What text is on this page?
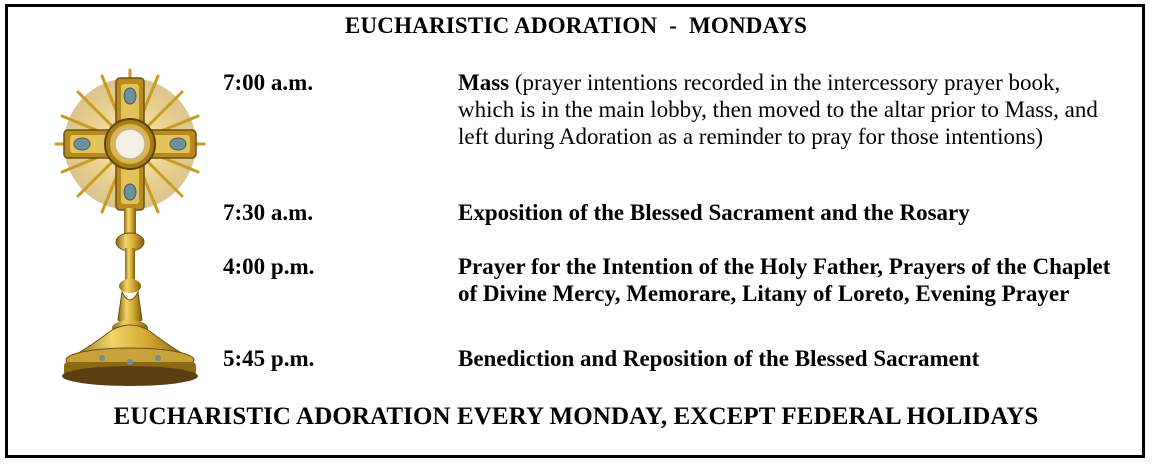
EUCHARISTIC ADORATION  -  MONDAYS
7:00 a.m.	Mass (prayer intentions recorded in the intercessory prayer book, which is in the main lobby, then moved to the altar prior to Mass, and left during Adoration as a reminder to pray for those intentions)
7:30 a.m.	Exposition of the Blessed Sacrament and the Rosary
4:00 p.m.	Prayer for the Intention of the Holy Father, Prayers of the Chaplet of Divine Mercy, Memorare, Litany of Loreto, Evening Prayer
5:45 p.m.	Benediction and Reposition of the Blessed Sacrament
EUCHARISTIC ADORATION EVERY MONDAY, EXCEPT FEDERAL HOLIDAYS
